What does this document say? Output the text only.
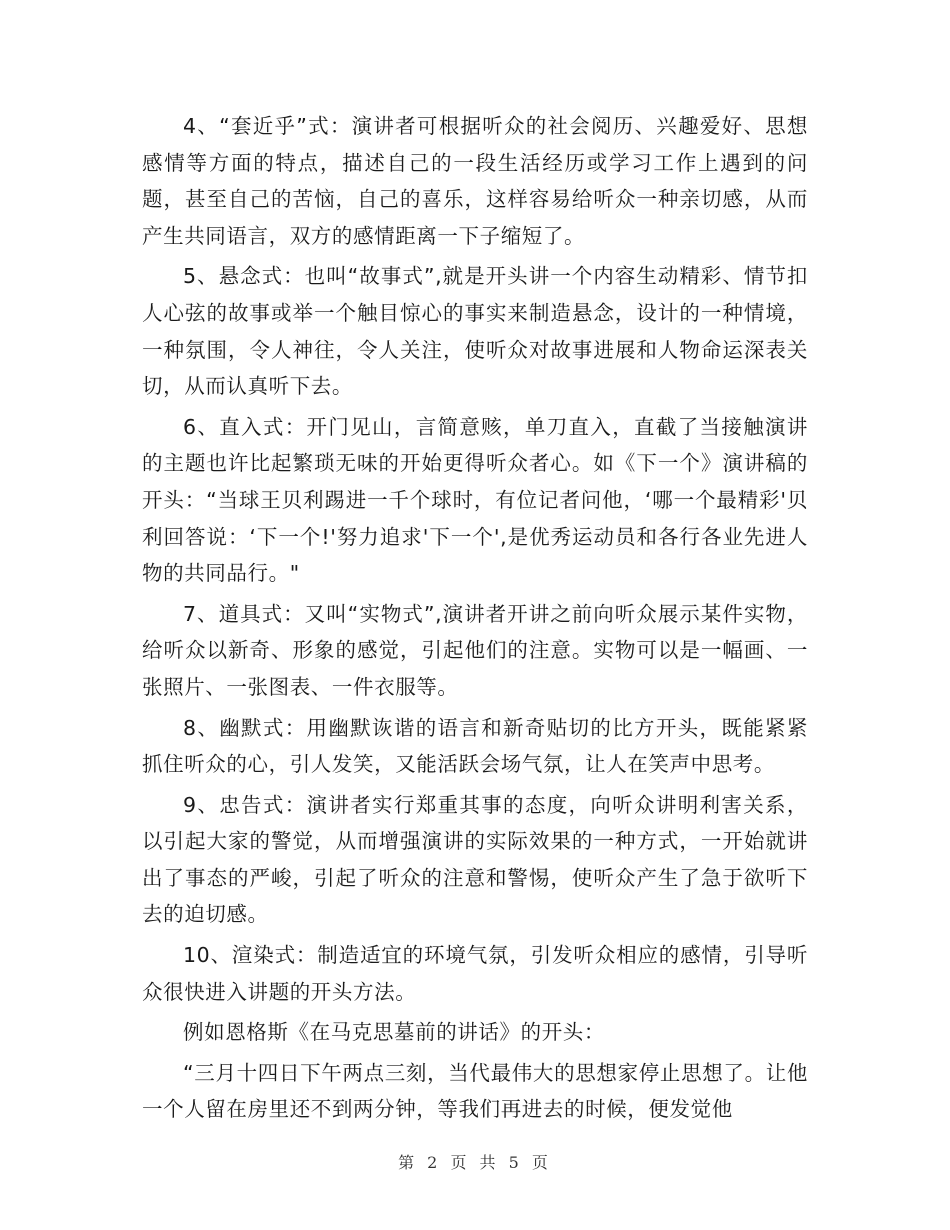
4、“套近乎”式：演讲者可根据听众的社会阅历、兴趣爱好、思想感情等方面的特点，描述自己的一段生活经历或学习工作上遇到的问题，甚至自己的苦恼，自己的喜乐，这样容易给听众一种亲切感，从而产生共同语言，双方的感情距离一下子缩短了。

5、悬念式：也叫“故事式”,就是开头讲一个内容生动精彩、情节扣人心弦的故事或举一个触目惊心的事实来制造悬念，设计的一种情境，一种氛围，令人神往，令人关注，使听众对故事进展和人物命运深表关切，从而认真听下去。

6、直入式：开门见山，言简意赅，单刀直入，直截了当接触演讲的主题也许比起繁琐无味的开始更得听众者心。如《下一个》演讲稿的开头：“当球王贝利踢进一千个球时，有位记者问他，‘哪一个最精彩'贝利回答说：‘下一个!'努力追求'下一个',是优秀运动员和各行各业先进人物的共同品行。"

7、道具式：又叫“实物式”,演讲者开讲之前向听众展示某件实物，给听众以新奇、形象的感觉，引起他们的注意。实物可以是一幅画、一张照片、一张图表、一件衣服等。

8、幽默式：用幽默诙谐的语言和新奇贴切的比方开头，既能紧紧抓住听众的心，引人发笑，又能活跃会场气氛，让人在笑声中思考。

9、忠告式：演讲者实行郑重其事的态度，向听众讲明利害关系，以引起大家的警觉，从而增强演讲的实际效果的一种方式，一开始就讲出了事态的严峻，引起了听众的注意和警惕，使听众产生了急于欲听下去的迫切感。

10、渲染式：制造适宜的环境气氛，引发听众相应的感情，引导听众很快进入讲题的开头方法。

例如恩格斯《在马克思墓前的讲话》的开头：

“三月十四日下午两点三刻，当代最伟大的思想家停止思想了。让他一个人留在房里还不到两分钟，等我们再进去的时候，便发觉他

第 2 页 共 5 页
